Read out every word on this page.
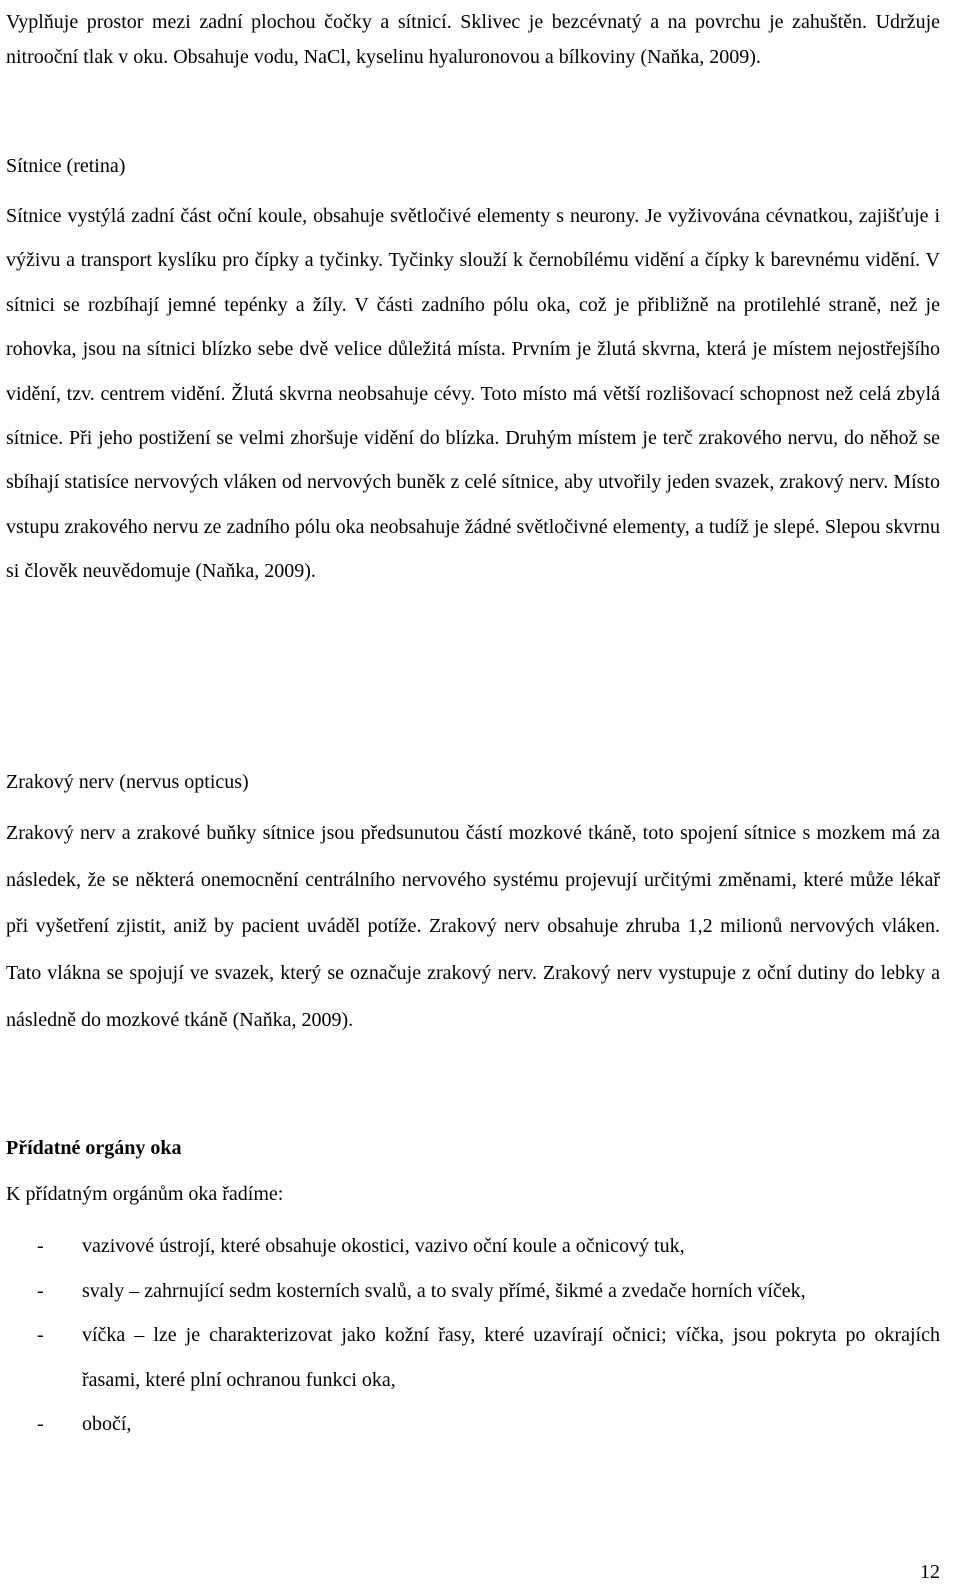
Vyplňuje prostor mezi zadní plochou čočky a sítnicí. Sklivec je bezcévnatý a na povrchu je zahuštěn. Udržuje nitrooční tlak v oku. Obsahuje vodu, NaCl, kyselinu hyaluronovou a bílkoviny (Naňka, 2009).

Sítnice (retina)

Sítnice vystýlá zadní část oční koule, obsahuje světločivé elementy s neurony. Je vyživována cévnatkou, zajišťuje i výživu a transport kyslíku pro čípky a tyčinky. Tyčinky slouží k černobílému vidění a čípky k barevnému vidění. V sítnici se rozbíhají jemné tepénky a žíly. V části zadního pólu oka, což je přibližně na protilehlé straně, než je rohovka, jsou na sítnici blízko sebe dvě velice důležitá místa. Prvním je žlutá skvrna, která je místem nejostřejšího vidění, tzv. centrem vidění. Žlutá skvrna neobsahuje cévy. Toto místo má větší rozlišovací schopnost než celá zbylá sítnice. Při jeho postižení se velmi zhoršuje vidění do blízka. Druhým místem je terč zrakového nervu, do něhož se sbíhají statisíce nervových vláken od nervových buněk z celé sítnice, aby utvořily jeden svazek, zrakový nerv. Místo vstupu zrakového nervu ze zadního pólu oka neobsahuje žádné světločivné elementy, a tudíž je slepé. Slepou skvrnu si člověk neuvědomuje (Naňka, 2009).

Zrakový nerv (nervus opticus)

Zrakový nerv a zrakové buňky sítnice jsou předsunutou částí mozkové tkáně, toto spojení sítnice s mozkem má za následek, že se některá onemocnění centrálního nervového systému projevují určitými změnami, které může lékař při vyšetření zjistit, aniž by pacient uváděl potíže. Zrakový nerv obsahuje zhruba 1,2 milionů nervových vláken. Tato vlákna se spojují ve svazek, který se označuje zrakový nerv. Zrakový nerv vystupuje z oční dutiny do lebky a následně do mozkové tkáně (Naňka, 2009).

Přídatné orgány oka

K přídatným orgánům oka řadíme:

- vazivové ústrojí, které obsahuje okostici, vazivo oční koule a očnicový tuk,
- svaly – zahrnující sedm kosterních svalů, a to svaly přímé, šikmé a zvedače horních víček,
- víčka – lze je charakterizovat jako kožní řasy, které uzavírají očnici; víčka, jsou pokryta po okrajích řasami, které plní ochranou funkci oka,
- obočí,
12
